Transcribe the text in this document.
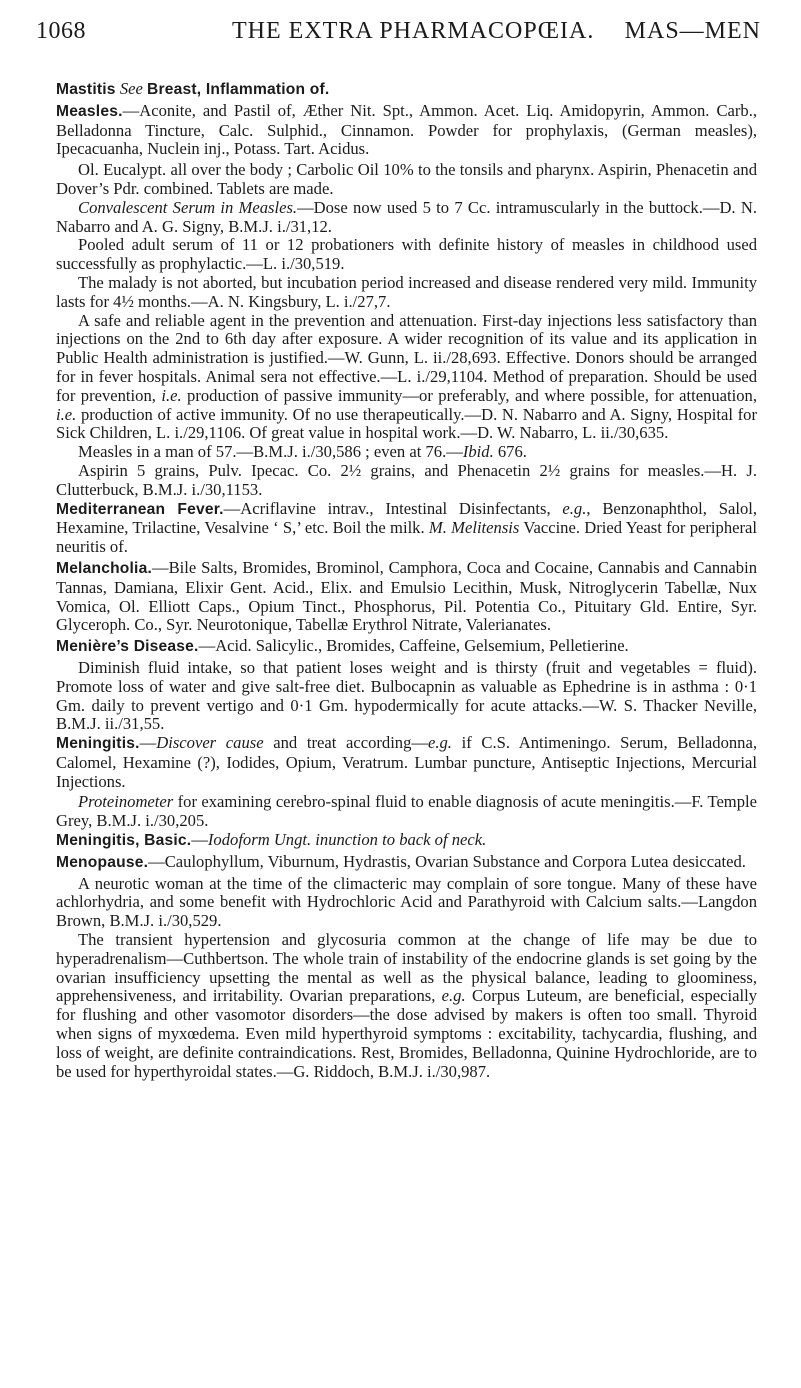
1068	THE EXTRA PHARMACOPŒIA. MAS—MEN

Mastitis See Breast, Inflammation of.

Measles.—Aconite, and Pastil of, Æther Nit. Spt., Ammon. Acet. Liq. Amidopyrin, Ammon. Carb., Belladonna Tincture, Calc. Sulphid., Cinnamon. Powder for prophylaxis, (German measles), Ipecacuanha, Nuclein inj., Potass. Tart. Acidus.

Ol. Eucalypt. all over the body ; Carbolic Oil 10% to the tonsils and pharynx. Aspirin, Phenacetin and Dover’s Pdr. combined. Tablets are made.

Convalescent Serum in Measles.—Dose now used 5 to 7 Cc. intramuscularly in the buttock.—D. N. Nabarro and A. G. Signy, B.M.J. i./31,12.

Pooled adult serum of 11 or 12 probationers with definite history of measles in childhood used successfully as prophylactic.—L. i./30,519.

The malady is not aborted, but incubation period increased and disease rendered very mild. Immunity lasts for 4½ months.—A. N. Kingsbury, L. i./27,7.

A safe and reliable agent in the prevention and attenuation. First-day injections less satisfactory than injections on the 2nd to 6th day after exposure. A wider recognition of its value and its application in Public Health administration is justified.—W. Gunn, L. ii./28,693. Effective. Donors should be arranged for in fever hospitals. Animal sera not effective.—L. i./29,1104. Method of preparation. Should be used for prevention, i.e. production of passive immunity—or preferably, and where possible, for attenuation, i.e. production of active immunity. Of no use therapeutically.—D. N. Nabarro and A. Signy, Hospital for Sick Children, L. i./29,1106. Of great value in hospital work.—D. W. Nabarro, L. ii./30,635.

Measles in a man of 57.—B.M.J. i./30,586 ; even at 76.—Ibid. 676.

Aspirin 5 grains, Pulv. Ipecac. Co. 2½ grains, and Phenacetin 2½ grains for measles.—H. J. Clutterbuck, B.M.J. i./30,1153.

Mediterranean Fever.—Acriflavine intrav., Intestinal Disinfectants, e.g., Benzonaphthol, Salol, Hexamine, Trilactine, Vesalvine ‘ S,’ etc. Boil the milk. M. Melitensis Vaccine. Dried Yeast for peripheral neuritis of.

Melancholia.—Bile Salts, Bromides, Brominol, Camphora, Coca and Cocaine, Cannabis and Cannabin Tannas, Damiana, Elixir Gent. Acid., Elix. and Emulsio Lecithin, Musk, Nitroglycerin Tabellæ, Nux Vomica, Ol. Elliott Caps., Opium Tinct., Phosphorus, Pil. Potentia Co., Pituitary Gld. Entire, Syr. Glyceroph. Co., Syr. Neurotonique, Tabellæ Erythrol Nitrate, Valerianates.

Menière’s Disease.—Acid. Salicylic., Bromides, Caffeine, Gelsemium, Pelletierine.

Diminish fluid intake, so that patient loses weight and is thirsty (fruit and vegetables = fluid). Promote loss of water and give salt-free diet. Bulbocapnin as valuable as Ephedrine is in asthma : 0·1 Gm. daily to prevent vertigo and 0·1 Gm. hypodermically for acute attacks.—W. S. Thacker Neville, B.M.J. ii./31,55.

Meningitis.—Discover cause and treat according—e.g. if C.S. Antimeningo. Serum, Belladonna, Calomel, Hexamine (?), Iodides, Opium, Veratrum. Lumbar puncture, Antiseptic Injections, Mercurial Injections.

Proteinometer for examining cerebro-spinal fluid to enable diagnosis of acute meningitis.—F. Temple Grey, B.M.J. i./30,205.

Meningitis, Basic.—Iodoform Ungt. inunction to back of neck.

Menopause.—Caulophyllum, Viburnum, Hydrastis, Ovarian Substance and Corpora Lutea desiccated.

A neurotic woman at the time of the climacteric may complain of sore tongue. Many of these have achlorhydria, and some benefit with Hydrochloric Acid and Parathyroid with Calcium salts.—Langdon Brown, B.M.J. i./30,529.

The transient hypertension and glycosuria common at the change of life may be due to hyperadrenalism—Cuthbertson. The whole train of instability of the endocrine glands is set going by the ovarian insufficiency upsetting the mental as well as the physical balance, leading to gloominess, apprehensiveness, and irritability. Ovarian preparations, e.g. Corpus Luteum, are beneficial, especially for flushing and other vasomotor disorders—the dose advised by makers is often too small. Thyroid when signs of myxœdema. Even mild hyperthyroid symptoms : excitability, tachycardia, flushing, and loss of weight, are definite contraindications. Rest, Bromides, Belladonna, Quinine Hydrochloride, are to be used for hyperthyroidal states.—G. Riddoch, B.M.J. i./30,987.
